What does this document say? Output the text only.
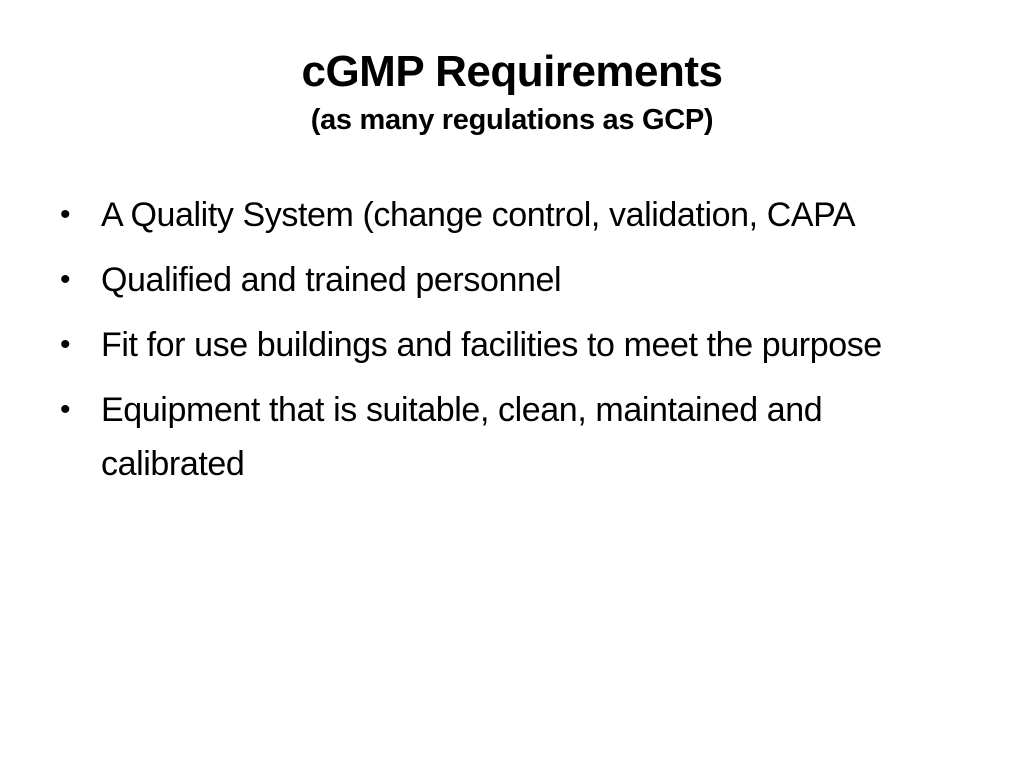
cGMP Requirements
(as many regulations as GCP)
• A Quality System (change control, validation, CAPA
• Qualified and trained personnel
• Fit for use buildings and facilities to meet the purpose
• Equipment that is suitable, clean, maintained and calibrated
